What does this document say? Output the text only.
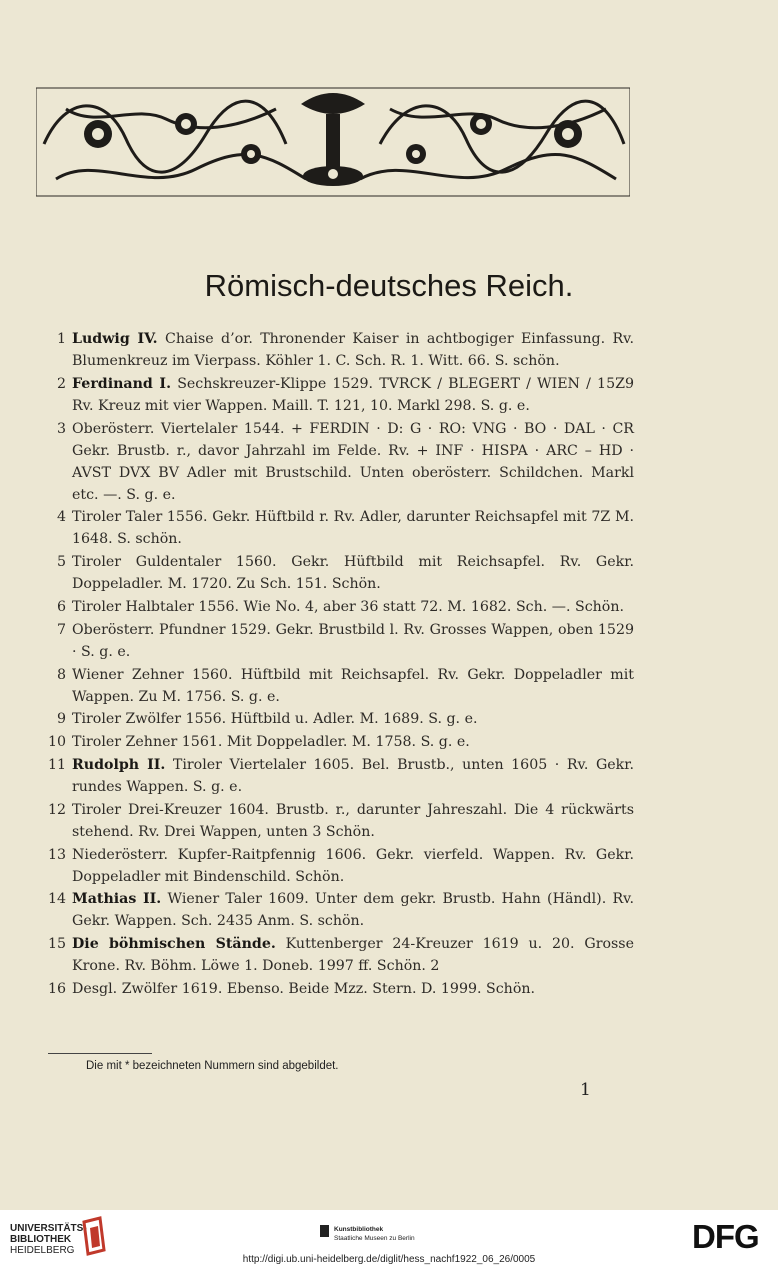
Römisch-deutsches Reich.
1 Ludwig IV. Chaise d’or. Thronender Kaiser in achtbogiger Einfassung. Rv. Blumenkreuz im Vierpass. Köhler 1. C. Sch. R. 1. Witt. 66. S. schön.
2 Ferdinand I. Sechskreuzer-Klippe 1529. TVRCK / BLEGERT / WIEN / 15Z9 Rv. Kreuz mit vier Wappen. Maill. T. 121, 10. Markl 298. S. g. e.
3 Oberösterr. Viertelaler 1544. + FERDIN · D: G · RO: VNG · BO · DAL · CR Gekr. Brustb. r., davor Jahrzahl im Felde. Rv. + INF · HISPA · ARC – HD · AVST DVX BV Adler mit Brustschild. Unten oberösterr. Schildchen. Markl etc. —. S. g. e.
4 Tiroler Taler 1556. Gekr. Hüftbild r. Rv. Adler, darunter Reichsapfel mit 7Z M. 1648. S. schön.
5 Tiroler Guldentaler 1560. Gekr. Hüftbild mit Reichsapfel. Rv. Gekr. Doppeladler. M. 1720. Zu Sch. 151. Schön.
6 Tiroler Halbtaler 1556. Wie No. 4, aber 36 statt 72. M. 1682. Sch. —. Schön.
7 Oberösterr. Pfundner 1529. Gekr. Brustbild l. Rv. Grosses Wappen, oben 1529 · S. g. e.
8 Wiener Zehner 1560. Hüftbild mit Reichsapfel. Rv. Gekr. Doppeladler mit Wappen. Zu M. 1756. S. g. e.
9 Tiroler Zwölfer 1556. Hüftbild u. Adler. M. 1689. S. g. e.
10 Tiroler Zehner 1561. Mit Doppeladler. M. 1758. S. g. e.
11 Rudolph II. Tiroler Viertelaler 1605. Bel. Brustb., unten 1605 · Rv. Gekr. rundes Wappen. S. g. e.
12 Tiroler Drei-Kreuzer 1604. Brustb. r., darunter Jahreszahl. Die 4 rückwärts stehend. Rv. Drei Wappen, unten 3 Schön.
13 Niederösterr. Kupfer-Raitpfennig 1606. Gekr. vierfeld. Wappen. Rv. Gekr. Doppeladler mit Bindenschild. Schön.
14 Mathias II. Wiener Taler 1609. Unter dem gekr. Brustb. Hahn (Händl). Rv. Gekr. Wappen. Sch. 2435 Anm. S. schön.
15 Die böhmischen Stände. Kuttenberger 24-Kreuzer 1619 u. 20. Grosse Krone. Rv. Böhm. Löwe 1. Doneb. 1997 ff. Schön. 2
16 Desgl. Zwölfer 1619. Ebenso. Beide Mzz. Stern. D. 1999. Schön.
Die mit * bezeichneten Nummern sind abgebildet.
1
UNIVERSITÄTS-
BIBLIOTHEK
HEIDELBERG
Kunstbibliothek
Staatliche Museen zu Berlin	DFG
http://digi.ub.uni-heidelberg.de/diglit/hess_nachf1922_06_26/0005
